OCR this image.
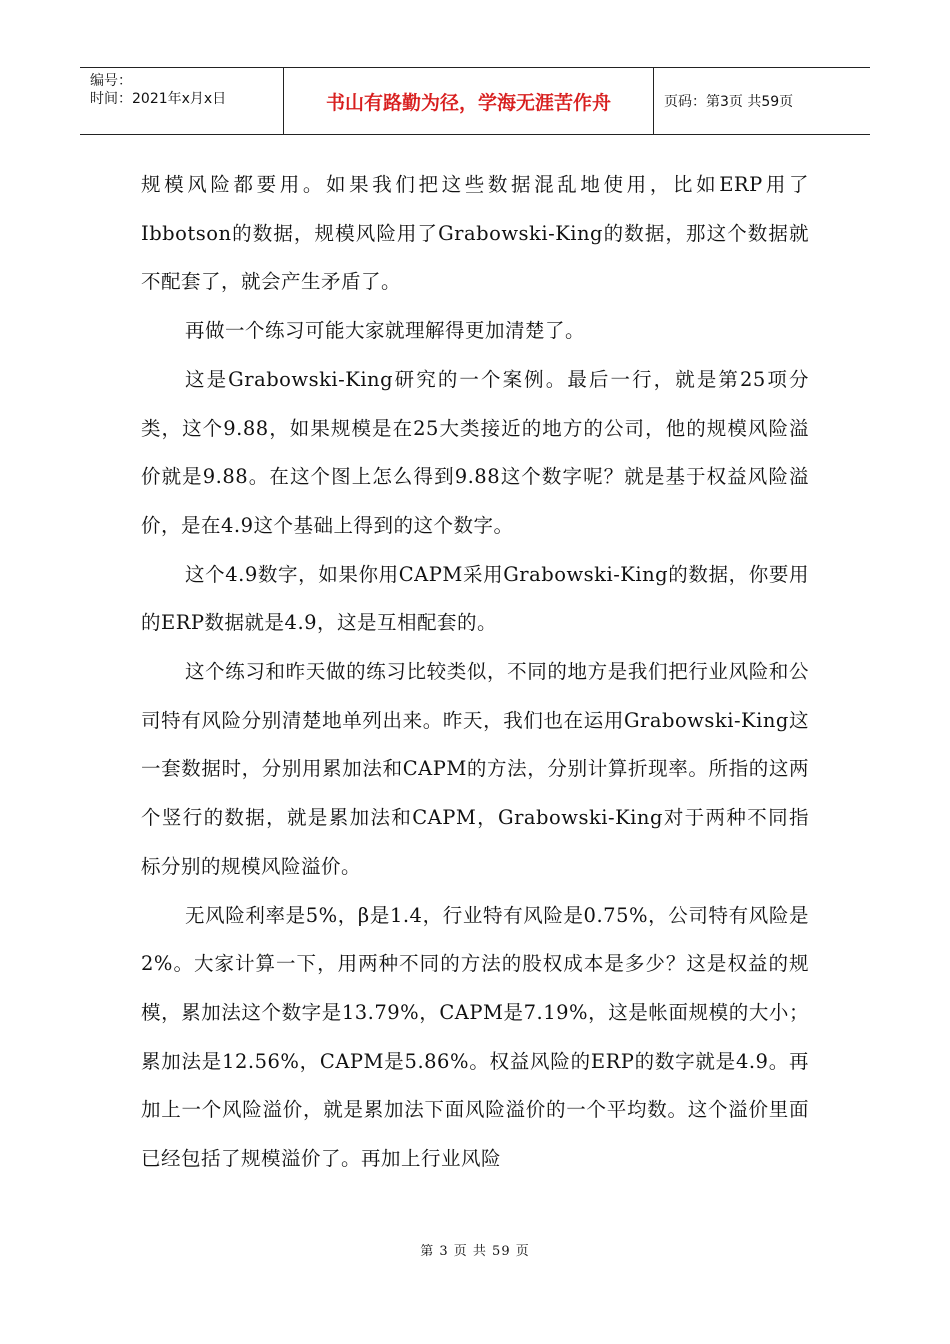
编号：
时间：2021年x月x日	书山有路勤为径，学海无涯苦作舟	页码：第3页 共59页

规模风险都要用。如果我们把这些数据混乱地使用，比如ERP用了Ibbotson的数据，规模风险用了Grabowski-King的数据，那这个数据就不配套了，就会产生矛盾了。

再做一个练习可能大家就理解得更加清楚了。

这是Grabowski-King研究的一个案例。最后一行，就是第25项分类，这个9.88，如果规模是在25大类接近的地方的公司，他的规模风险溢价就是9.88。在这个图上怎么得到9.88这个数字呢？就是基于权益风险溢价，是在4.9这个基础上得到的这个数字。

这个4.9数字，如果你用CAPM采用Grabowski-King的数据，你要用的ERP数据就是4.9，这是互相配套的。

这个练习和昨天做的练习比较类似，不同的地方是我们把行业风险和公司特有风险分别清楚地单列出来。昨天，我们也在运用Grabowski-King这一套数据时，分别用累加法和CAPM的方法，分别计算折现率。所指的这两个竖行的数据，就是累加法和CAPM，Grabowski-King对于两种不同指标分别的规模风险溢价。

无风险利率是5%，β是1.4，行业特有风险是0.75%，公司特有风险是2%。大家计算一下，用两种不同的方法的股权成本是多少？这是权益的规模，累加法这个数字是13.79%，CAPM是7.19%，这是帐面规模的大小；累加法是12.56%，CAPM是5.86%。权益风险的ERP的数字就是4.9。再加上一个风险溢价，就是累加法下面风险溢价的一个平均数。这个溢价里面已经包括了规模溢价了。再加上行业风险

第 3 页 共 59 页
